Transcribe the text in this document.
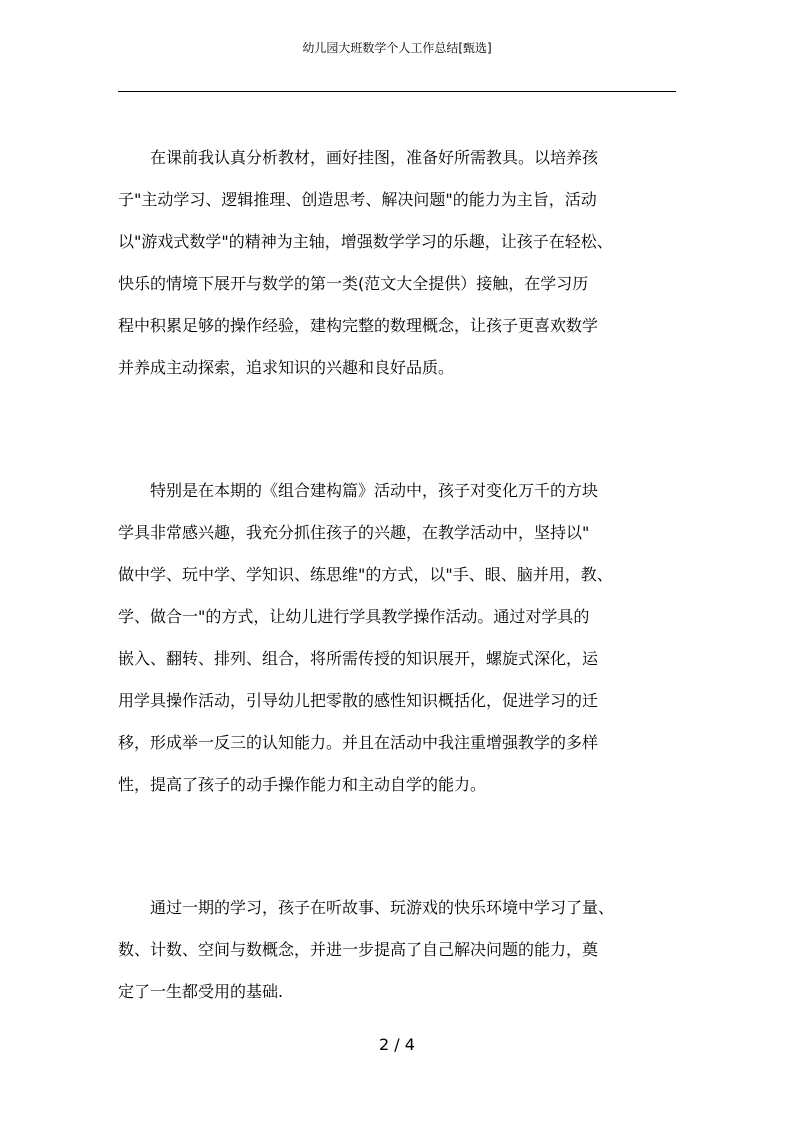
幼儿园大班数学个人工作总结[甄选]
在课前我认真分析教材，画好挂图，准备好所需教具。以培养孩
子"主动学习、逻辑推理、创造思考、解决问题"的能力为主旨，活动
以"游戏式数学"的精神为主轴，增强数学学习的乐趣，让孩子在轻松、
快乐的情境下展开与数学的第一类(范文大全提供）接触，在学习历
程中积累足够的操作经验，建构完整的数理概念，让孩子更喜欢数学
并养成主动探索，追求知识的兴趣和良好品质。
特别是在本期的《组合建构篇》活动中，孩子对变化万千的方块
学具非常感兴趣，我充分抓住孩子的兴趣，在教学活动中，坚持以"
做中学、玩中学、学知识、练思维"的方式，以"手、眼、脑并用，教、
学、做合一"的方式，让幼儿进行学具教学操作活动。通过对学具的
嵌入、翻转、排列、组合，将所需传授的知识展开，螺旋式深化，运
用学具操作活动，引导幼儿把零散的感性知识概括化，促进学习的迁
移，形成举一反三的认知能力。并且在活动中我注重增强教学的多样
性，提高了孩子的动手操作能力和主动自学的能力。
通过一期的学习，孩子在听故事、玩游戏的快乐环境中学习了量、
数、计数、空间与数概念，并进一步提高了自己解决问题的能力，奠
定了一生都受用的基础.
2 / 4
